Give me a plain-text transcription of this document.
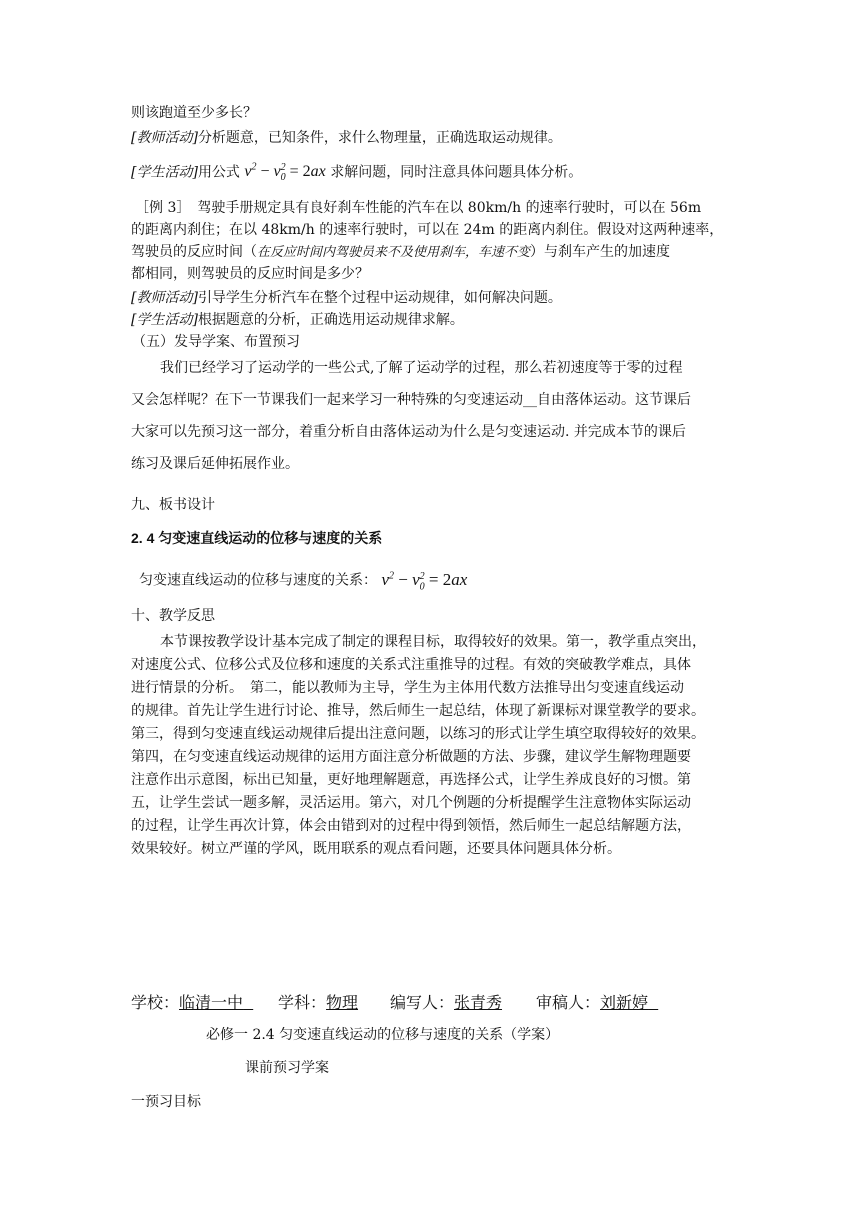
则该跑道至少多长？
[教师活动]分析题意，已知条件，求什么物理量，正确选取运动规律。
[学生活动]用公式 $v^2 - v^2_0 = 2ax$ 求解问题，同时注意具体问题具体分析。
［例 3］　驾驶手册规定具有良好刹车性能的汽车在以 80km/h 的速率行驶时，可以在 56m
的距离内刹住；在以 48km/h 的速率行驶时，可以在 24m 的距离内刹住。假设对这两种速率，
驾驶员的反应时间（在反应时间内驾驶员来不及使用刹车，车速不变）与刹车产生的加速度
都相同，则驾驶员的反应时间是多少？
[教师活动]引导学生分析汽车在整个过程中运动规律，如何解决问题。
[学生活动]根据题意的分析，正确选用运动规律求解。
（五）发导学案、布置预习
我们已经学习了运动学的一些公式,了解了运动学的过程，那么若初速度等于零的过程
又会怎样呢？在下一节课我们一起来学习一种特殊的匀变速运动__自由落体运动。这节课后
大家可以先预习这一部分，着重分析自由落体运动为什么是匀变速运动. 并完成本节的课后
练习及课后延伸拓展作业。
九、板书设计
2. 4 匀变速直线运动的位移与速度的关系
匀变速直线运动的位移与速度的关系： $v^2 - v^2_0 = 2ax$
十、教学反思
本节课按教学设计基本完成了制定的课程目标，取得较好的效果。第一，教学重点突出，
对速度公式、位移公式及位移和速度的关系式注重推导的过程。有效的突破教学难点，具体
进行情景的分析。　第二，能以教师为主导，学生为主体用代数方法推导出匀变速直线运动
的规律。首先让学生进行讨论、推导，然后师生一起总结，体现了新课标对课堂教学的要求。
第三，得到匀变速直线运动规律后提出注意问题，以练习的形式让学生填空取得较好的效果。
第四，在匀变速直线运动规律的运用方面注意分析做题的方法、步骤，建议学生解物理题要
注意作出示意图，标出已知量，更好地理解题意，再选择公式，让学生养成良好的习惯。第
五，让学生尝试一题多解，灵活运用。第六，对几个例题的分析提醒学生注意物体实际运动
的过程，让学生再次计算，体会由错到对的过程中得到领悟，然后师生一起总结解题方法，
效果较好。树立严谨的学风，既用联系的观点看问题，还要具体问题具体分析。
学校：临清一中	学科：物理 编写人：张青秀 审稿人：刘新婷
必修一 2.4 匀变速直线运动的位移与速度的关系（学案）
课前预习学案
一预习目标
